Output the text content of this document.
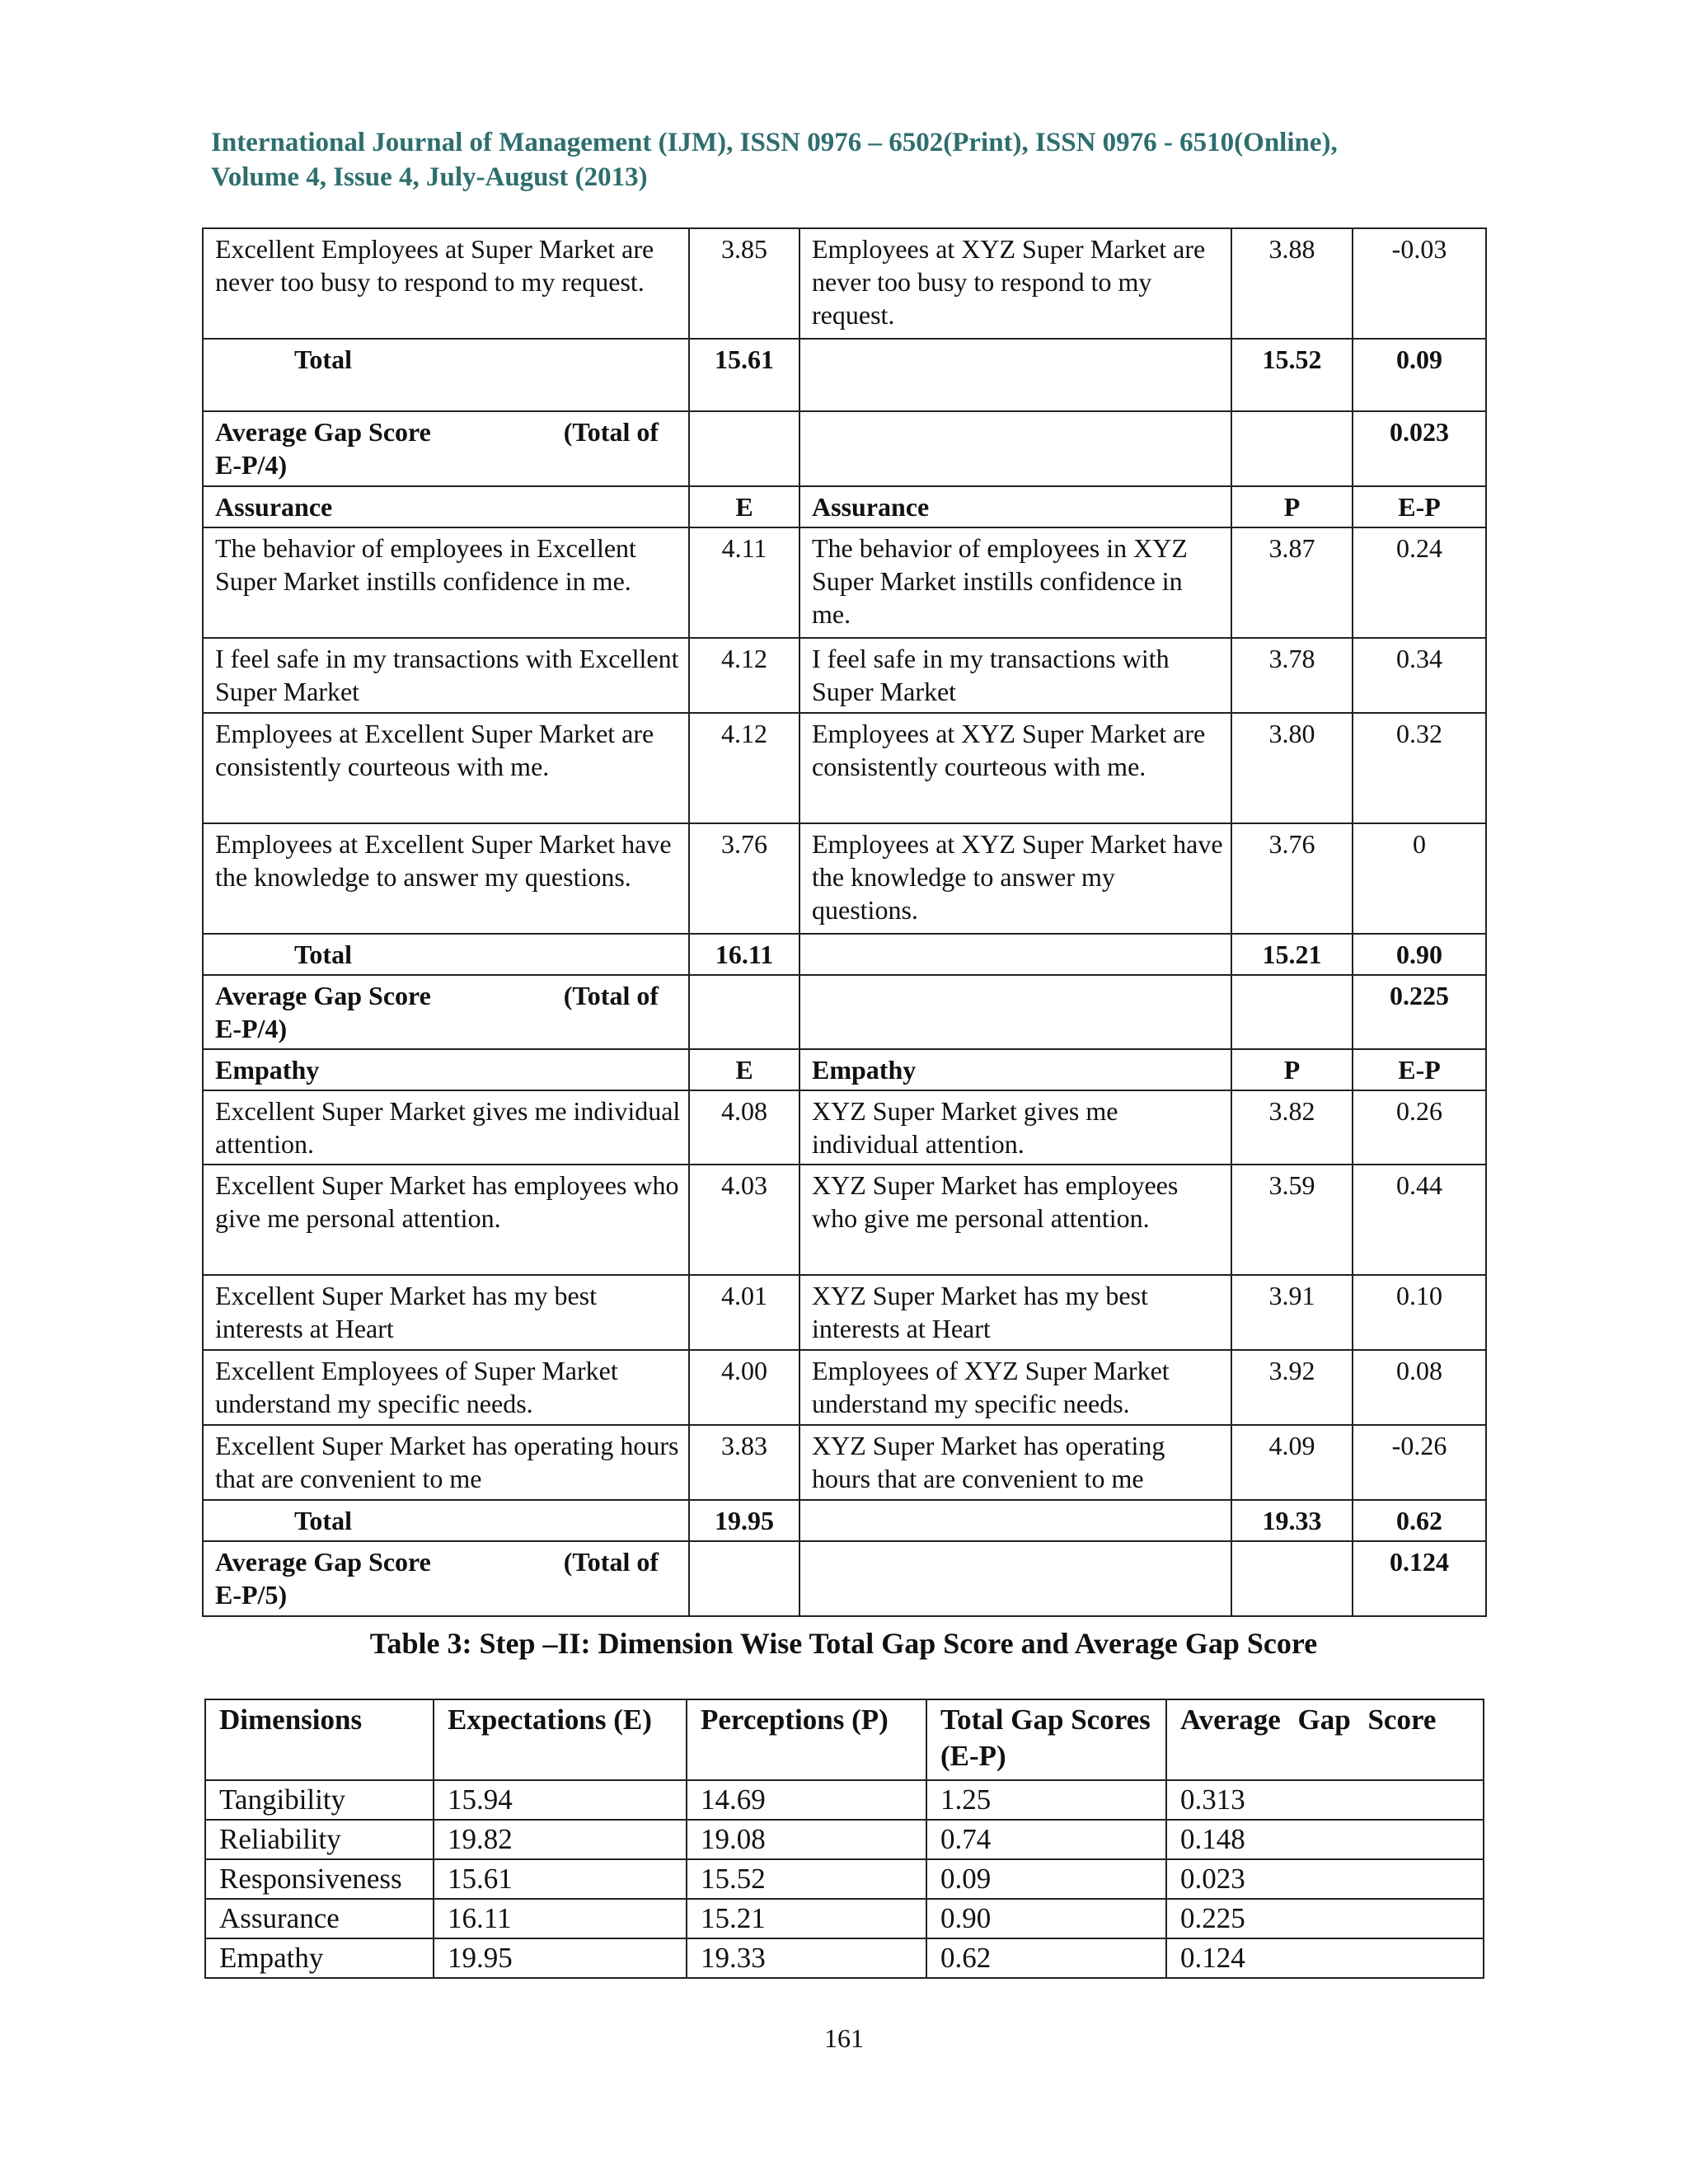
International Journal of Management (IJM), ISSN 0976 – 6502(Print), ISSN 0976 - 6510(Online),
Volume 4, Issue 4, July-August (2013)
Excellent Employees at Super Market are never too busy to respond to my request.	3.85	Employees at XYZ Super Market are never too busy to respond to my request.	3.88	-0.03
Total	15.61		15.52	0.09

Average Gap Score (Total of
E-P/4)				0.023
Assurance	E	Assurance	P	E-P
The behavior of employees in Excellent Super Market instills confidence in me.	4.11	The behavior of employees in XYZ Super Market instills confidence in me.	3.87	0.24
I feel safe in my transactions with Excellent Super Market	4.12	I feel safe in my transactions with Super Market	3.78	0.34
Employees at Excellent Super Market are consistently courteous with me.	4.12	Employees at XYZ Super Market are consistently courteous with me.	3.80	0.32
Employees at Excellent Super Market have the knowledge to answer my questions.	3.76	Employees at XYZ Super Market have the knowledge to answer my questions.	3.76	0
Total	16.11		15.21	0.90

Average Gap Score (Total of
E-P/4)				0.225
Empathy	E	Empathy	P	E-P
Excellent Super Market gives me individual attention.	4.08	XYZ Super Market gives me individual attention.	3.82	0.26
Excellent Super Market has employees who give me personal attention.	4.03	XYZ Super Market has employees who give me personal attention.	3.59	0.44
Excellent Super Market has my best interests at Heart	4.01	XYZ Super Market has my best interests at Heart	3.91	0.10
Excellent Employees of Super Market understand my specific needs.	4.00	Employees of XYZ Super Market understand my specific needs.	3.92	0.08
Excellent Super Market has operating hours that are convenient to me	3.83	XYZ Super Market has operating hours that are convenient to me	4.09	-0.26
Total	19.95		19.33	0.62

Average Gap Score (Total of
E-P/5)				0.124
Table 3: Step –II: Dimension Wise Total Gap Score and Average Gap Score
Dimensions	Expectations (E)	Perceptions (P)	Total Gap Scores (E-P)	Average Gap Score
Tangibility	15.94	14.69	1.25	0.313
Reliability	19.82	19.08	0.74	0.148
Responsiveness	15.61	15.52	0.09	0.023
Assurance	16.11	15.21	0.90	0.225
Empathy	19.95	19.33	0.62	0.124
161
